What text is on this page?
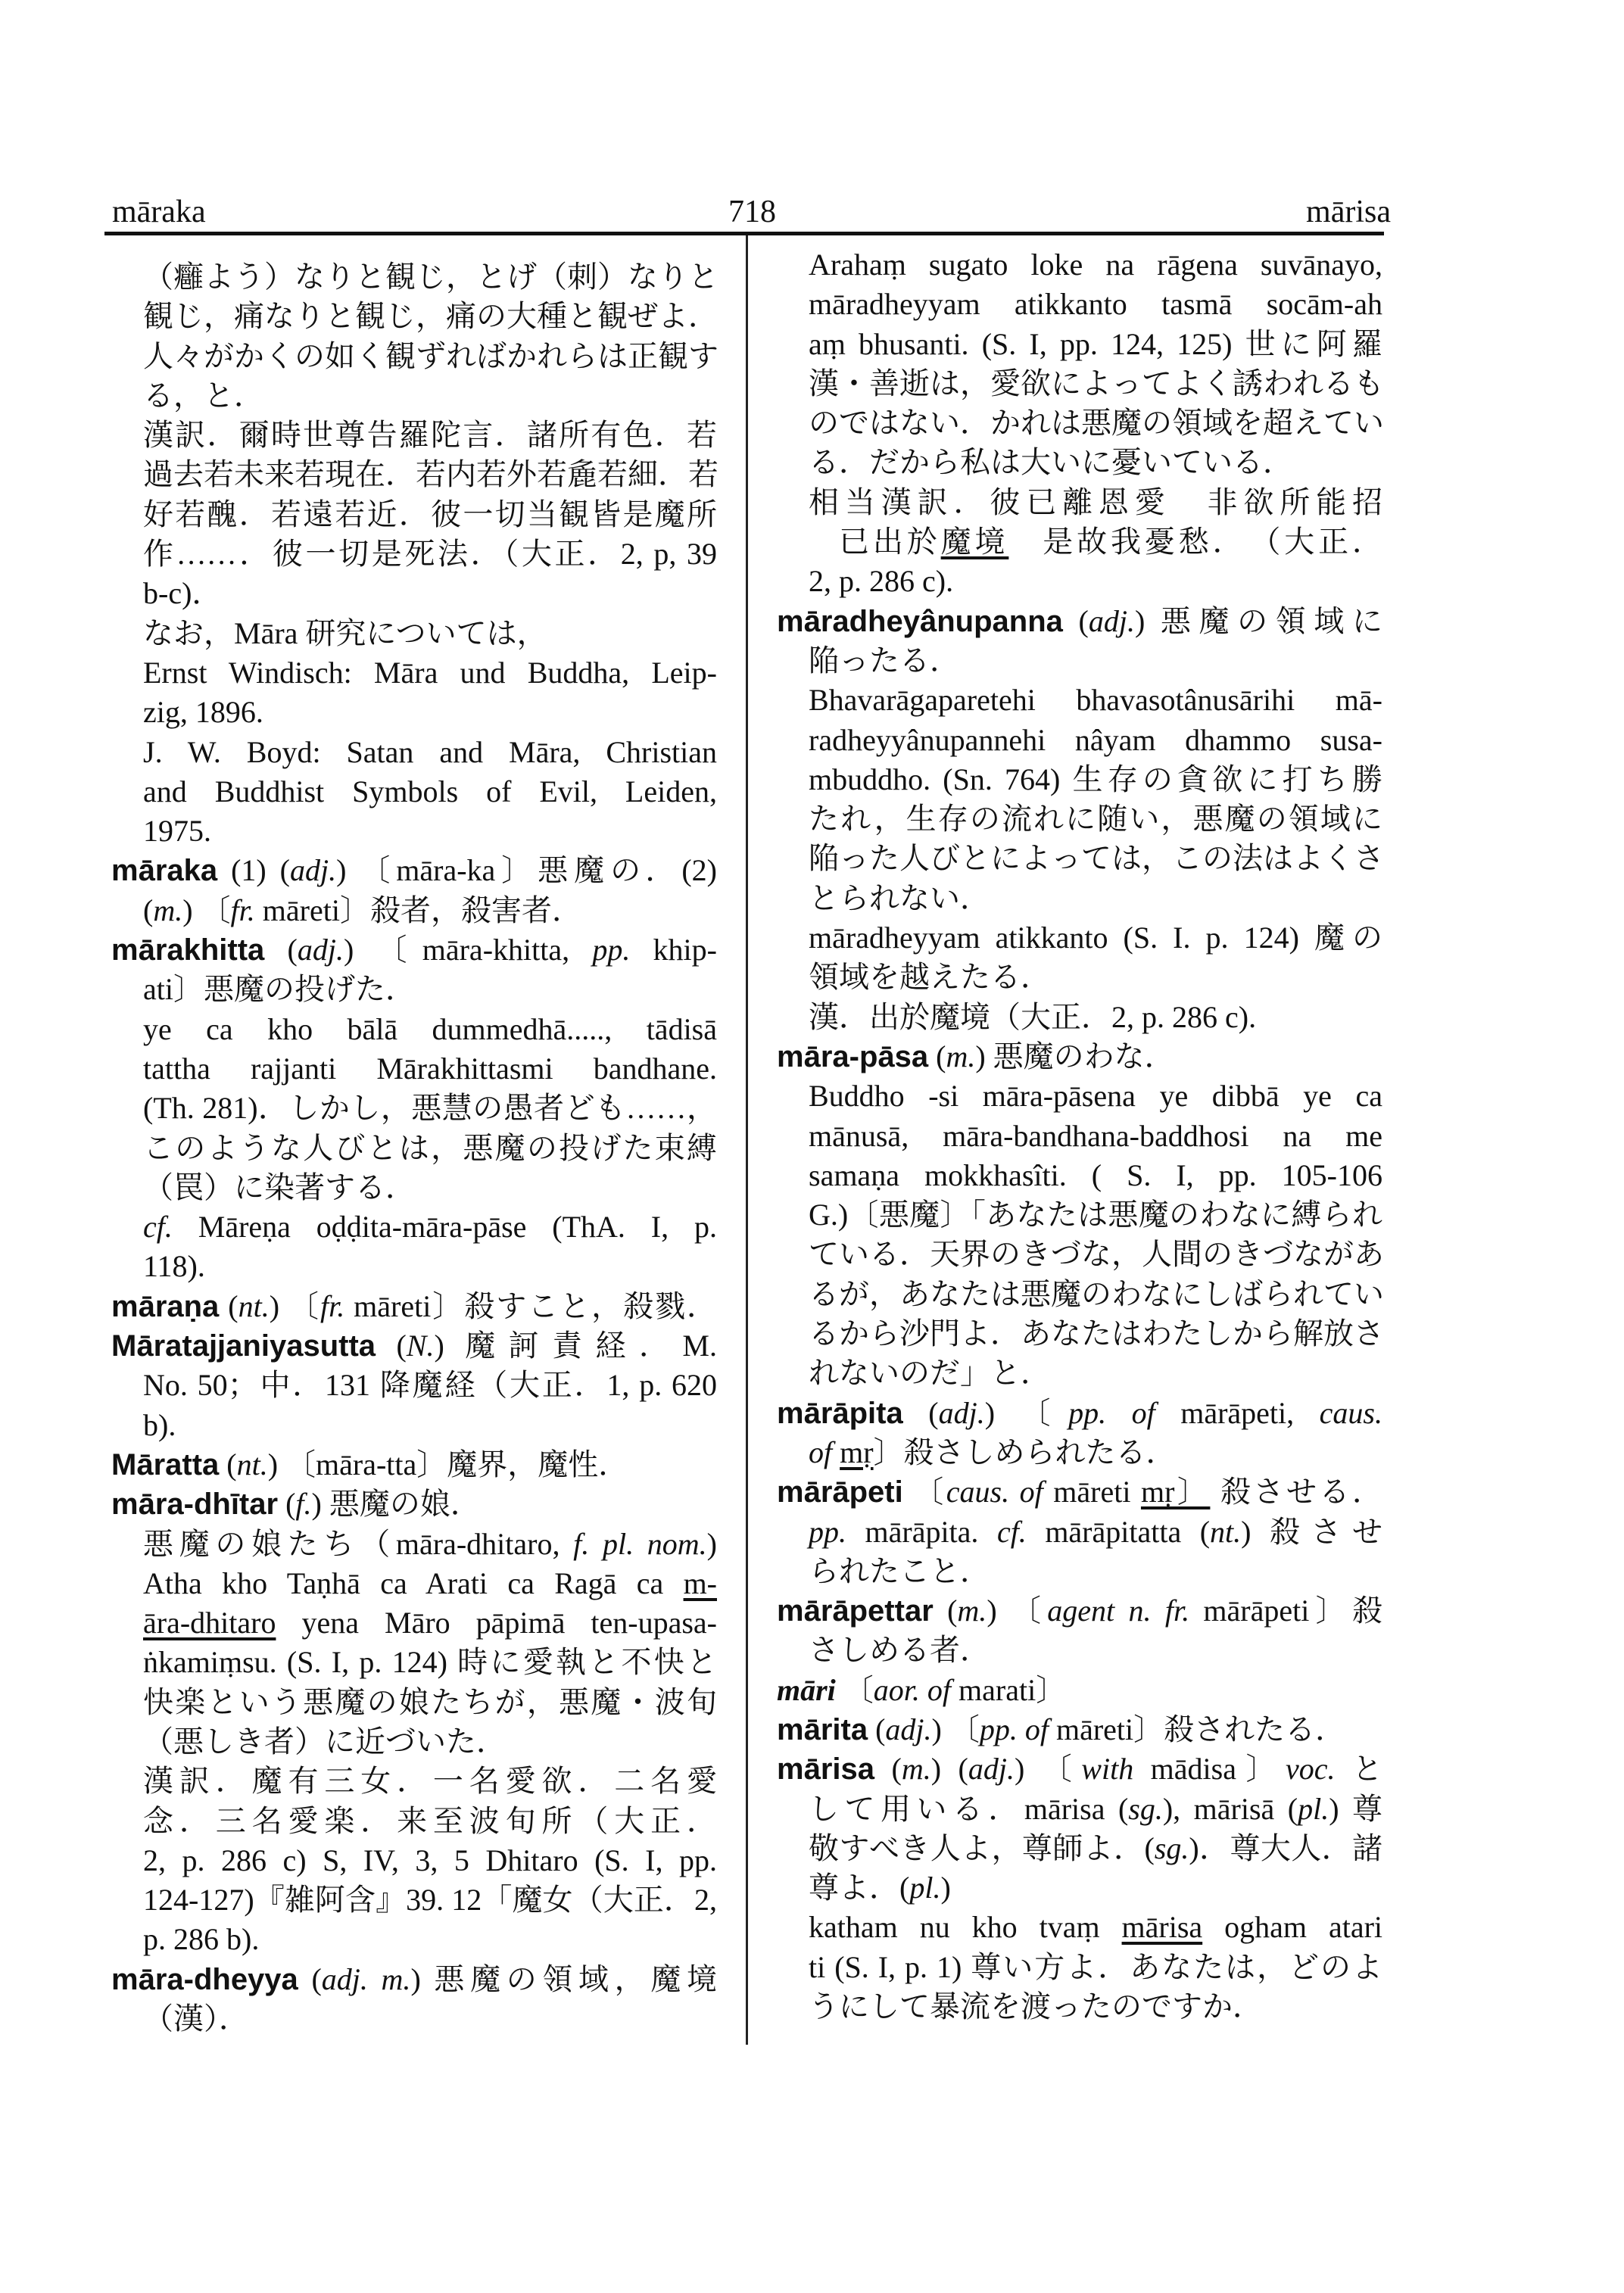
māraka	718	mārisa
（癰よう）なりと観じ，とげ（刺）なりと
観じ，痛なりと観じ，痛の大種と観ぜよ．
人々がかくの如く観ずればかれらは正観す
る，と．
漢訳．爾時世尊告羅陀言．諸所有色．若
過去若未来若現在．若内若外若麁若細．若
好若醜．若遠若近．彼一切当観皆是魔所
作……．彼一切是死法．（大正．2, p, 39
b-c)．
なお，Māra 研究については，
Ernst Windisch: Māra und Buddha, Leip-
zig, 1896.
J. W. Boyd: Satan and Māra, Christian
and Buddhist Symbols of Evil, Leiden,
1975.
māraka (1) (adj.) 〔māra-ka〕悪魔の．(2)
(m.) 〔fr. māreti〕殺者，殺害者．
mārakhitta (adj.) 〔māra-khitta, pp. khip-
ati〕悪魔の投げた．
ye ca kho bālā dummedhā....., tādisā
tattha rajjanti Mārakhittasmi bandhane.
(Th. 281)．しかし，悪慧の愚者ども……，
このような人びとは，悪魔の投げた束縛
（罠）に染著する．
cf. Māreṇa oḍḍita-māra-pāse (ThA. I, p.
118).
māraṇa (nt.) 〔fr. māreti〕殺すこと，殺戮．
Māratajjaniyasutta (N.) 魔訶責経．M.
No. 50；中．131 降魔経（大正．1, p. 620
b).
Māratta (nt.) 〔māra-tta〕魔界，魔性．
māra-dhītar (f.) 悪魔の娘．
悪魔の娘たち（māra-dhitaro, f. pl. nom.)
Atha kho Taṇhā ca Arati ca Ragā ca m-
āra-dhitaro yena Māro pāpimā ten-upasa-
ṅkamiṃsu. (S. I, p. 124) 時に愛執と不快と
快楽という悪魔の娘たちが，悪魔・波旬
（悪しき者）に近づいた．
漢訳．魔有三女．一名愛欲．二名愛
念．三名愛楽．来至波旬所（大正．
2, p. 286 c) S, IV, 3, 5 Dhitaro (S. I, pp.
124-127)『雑阿含』39. 12「魔女（大正．2,
p. 286 b).
māra-dheyya (adj. m.) 悪魔の領域，魔境
（漢）．
Arahaṃ sugato loke na rāgena suvānayo,
māradheyyam atikkanto tasmā socām-ah
aṃ bhusanti. (S. I, pp. 124, 125) 世に阿羅
漢・善逝は，愛欲によってよく誘われるも
のではない．かれは悪魔の領域を超えてい
る．だから私は大いに憂いている．
相当漢訳．彼已離恩愛　非欲所能招
已出於魔境　是故我憂愁．　（大正．
2, p. 286 c).
māradheyânupanna (adj.) 悪魔の領域に
陥ったる．
Bhavarāgaparetehi bhavasotânusārihi mā-
radheyyânupannehi nâyam dhammo susa-
mbuddho. (Sn. 764) 生存の貪欲に打ち勝
たれ，生存の流れに随い，悪魔の領域に
陥った人びとによっては，この法はよくさ
とられない．
māradheyyam atikkanto (S. I. p. 124) 魔の
領域を越えたる．
漢．出於魔境（大正．2, p. 286 c).
māra-pāsa (m.) 悪魔のわな．
Buddho -si māra-pāsena ye dibbā ye ca
mānusā, māra-bandhana-baddhosi na me
samaṇa mokkhasîti. ( S. I, pp. 105-106
G.)〔悪魔〕「あなたは悪魔のわなに縛られ
ている．天界のきづな，人間のきづながあ
るが，あなたは悪魔のわなにしばられてい
るから沙門よ．あなたはわたしから解放さ
れないのだ」と．
mārāpita (adj.) 〔pp. of mārāpeti, caus.
of mṛ〕殺さしめられたる．
mārāpeti 〔caus. of māreti mṛ〕 殺させる．
pp. mārāpita. cf. mārāpitatta (nt.) 殺させ
られたこと．
mārāpettar (m.) 〔agent n. fr. mārāpeti〕殺
さしめる者．
māri 〔aor. of marati〕
mārita (adj.) 〔pp. of māreti〕殺されたる．
mārisa (m.) (adj.) 〔with mādisa〕voc. と
して用いる．mārisa (sg.), mārisā (pl.) 尊
敬すべき人よ，尊師よ．(sg.)．尊大人．諸
尊よ．(pl.)
katham nu kho tvaṃ mārisa ogham atari
ti (S. I, p. 1) 尊い方よ．あなたは，どのよ
うにして暴流を渡ったのですか．
